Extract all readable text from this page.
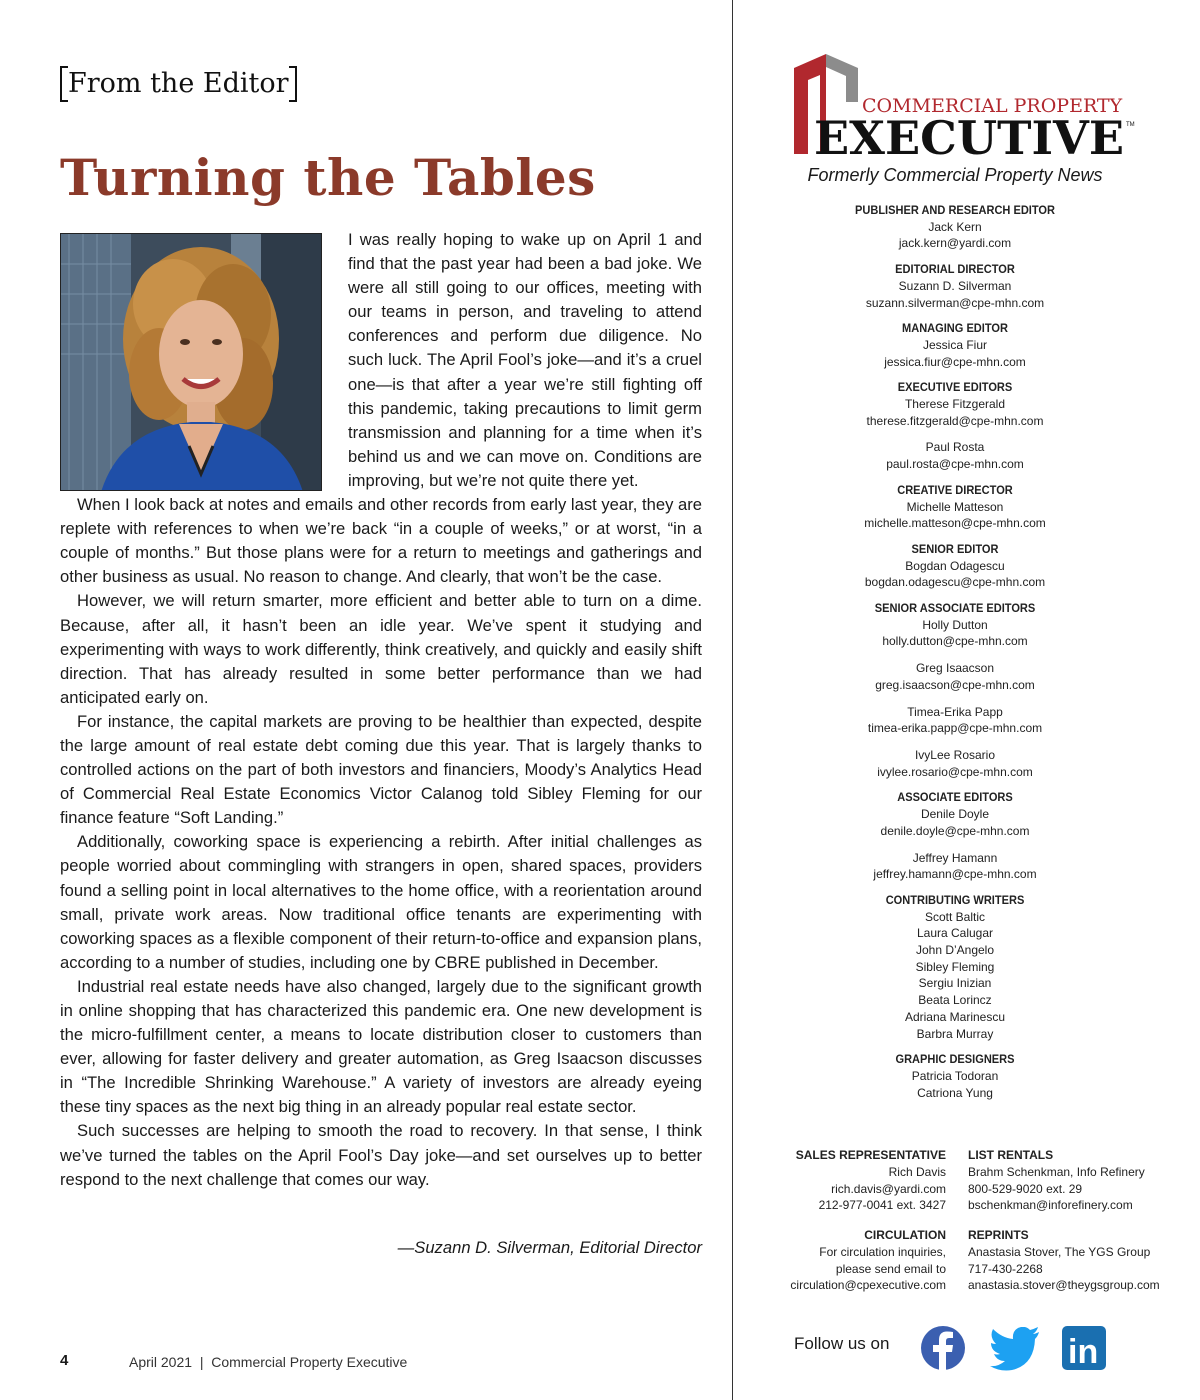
From the Editor
Turning the Tables

I was really hoping to wake up on April 1 and find that the past year had been a bad joke. We were all still going to our offices, meeting with our teams in person, and traveling to attend conferences and perform due diligence. No such luck. The April Fool’s joke—and it’s a cruel one—is that after a year we’re still fighting off this pandemic, taking precautions to limit germ transmission and planning for a time when it’s behind us and we can move on. Conditions are improving, but we’re not quite there yet.

When I look back at notes and emails and other records from early last year, they are replete with references to when we’re back “in a couple of weeks,” or at worst, “in a couple of months.” But those plans were for a return to meetings and gatherings and other business as usual. No reason to change. And clearly, that won’t be the case.

However, we will return smarter, more efficient and better able to turn on a dime. Because, after all, it hasn’t been an idle year. We’ve spent it studying and experimenting with ways to work differently, think creatively, and quickly and easily shift direction. That has already resulted in some better performance than we had anticipated early on.

For instance, the capital markets are proving to be healthier than expected, despite the large amount of real estate debt coming due this year. That is largely thanks to controlled actions on the part of both investors and financiers, Moody’s Analytics Head of Commercial Real Estate Economics Victor Calanog told Sibley Fleming for our finance feature “Soft Landing.”

Additionally, coworking space is experiencing a rebirth. After initial challenges as people worried about commingling with strangers in open, shared spaces, providers found a selling point in local alternatives to the home office, with a reorientation around small, private work areas. Now traditional office tenants are experimenting with coworking spaces as a flexible component of their return-to-office and expansion plans, according to a number of studies, including one by CBRE published in December.

Industrial real estate needs have also changed, largely due to the significant growth in online shopping that has characterized this pandemic era. One new development is the micro-fulfillment center, a means to locate distribution closer to customers than ever, allowing for faster delivery and greater automation, as Greg Isaacson discusses in “The Incredible Shrinking Warehouse.” A variety of investors are already eyeing these tiny spaces as the next big thing in an already popular real estate sector.

Such successes are helping to smooth the road to recovery. In that sense, I think we’ve turned the tables on the April Fool’s Day joke—and set ourselves up to better respond to the next challenge that comes our way.

—Suzann D. Silverman, Editorial Director
4	April 2021  |  Commercial Property Executive
COMMERCIAL PROPERTY
EXECUTIVE TM
Formerly Commercial Property News
PUBLISHER AND RESEARCH EDITOR
Jack Kern
jack.kern@yardi.com
EDITORIAL DIRECTOR
Suzann D. Silverman
suzann.silverman@cpe-mhn.com
MANAGING EDITOR
Jessica Fiur
jessica.fiur@cpe-mhn.com
EXECUTIVE EDITORS
Therese Fitzgerald
therese.fitzgerald@cpe-mhn.com
Paul Rosta
paul.rosta@cpe-mhn.com
CREATIVE DIRECTOR
Michelle Matteson
michelle.matteson@cpe-mhn.com
SENIOR EDITOR
Bogdan Odagescu
bogdan.odagescu@cpe-mhn.com
SENIOR ASSOCIATE EDITORS
Holly Dutton
holly.dutton@cpe-mhn.com
Greg Isaacson
greg.isaacson@cpe-mhn.com
Timea-Erika Papp
timea-erika.papp@cpe-mhn.com
IvyLee Rosario
ivylee.rosario@cpe-mhn.com
ASSOCIATE EDITORS
Denile Doyle
denile.doyle@cpe-mhn.com
Jeffrey Hamann
jeffrey.hamann@cpe-mhn.com
CONTRIBUTING WRITERS
Scott Baltic
Laura Calugar
John D’Angelo
Sibley Fleming
Sergiu Inizian
Beata Lorincz
Adriana Marinescu
Barbra Murray
GRAPHIC DESIGNERS
Patricia Todoran
Catriona Yung
SALES REPRESENTATIVE
Rich Davis
rich.davis@yardi.com
212-977-0041 ext. 3427
LIST RENTALS
Brahm Schenkman, Info Refinery
800-529-9020 ext. 29
bschenkman@inforefinery.com
CIRCULATION
For circulation inquiries,
please send email to
circulation@cpexecutive.com
REPRINTS
Anastasia Stover, The YGS Group
717-430-2268
anastasia.stover@theygsgroup.com
Follow us on	in
